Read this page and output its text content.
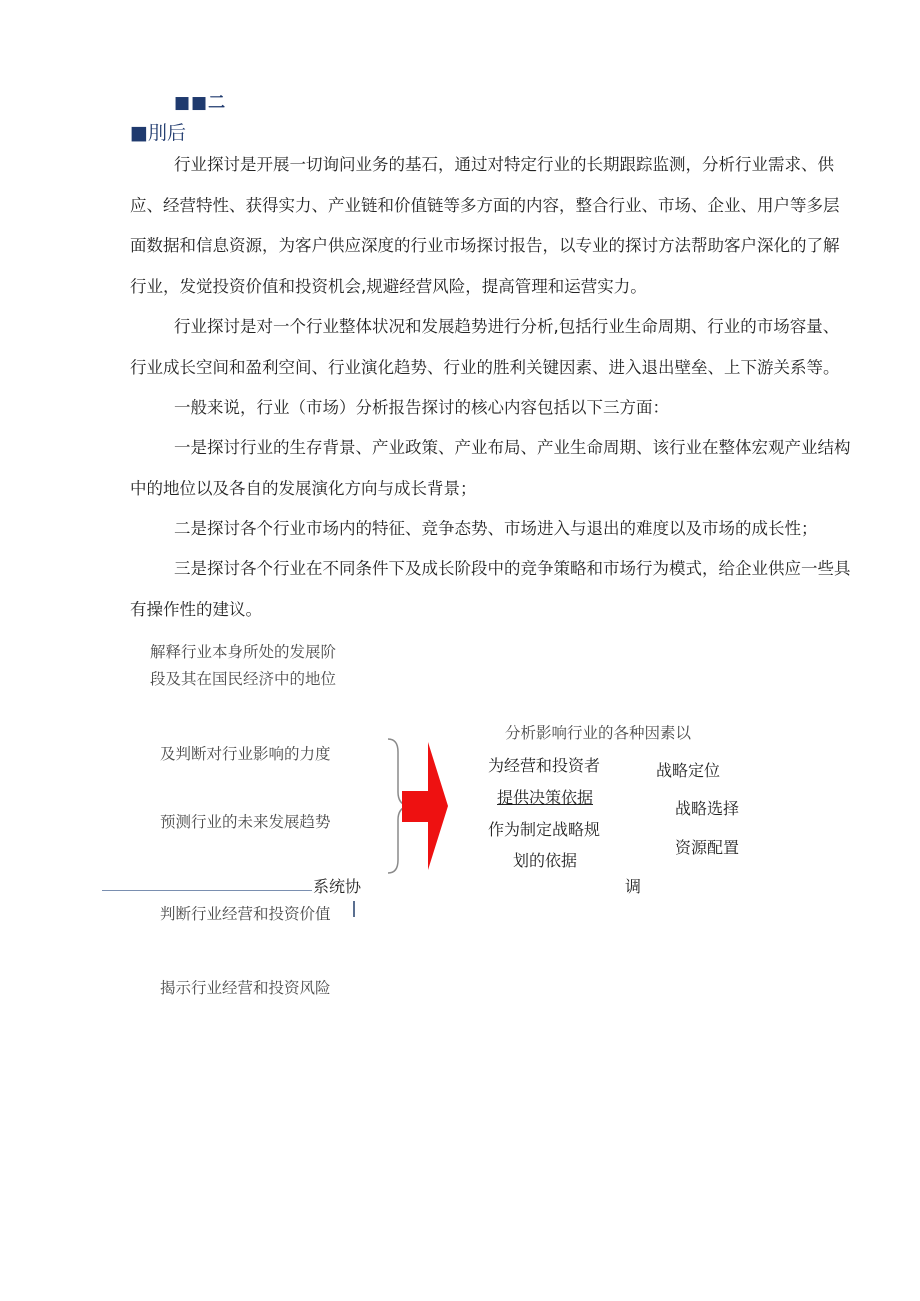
■■二
■刖后

行业探讨是开展一切询问业务的基石，通过对特定行业的长期跟踪监测，分析行业需求、供应、经营特性、获得实力、产业链和价值链等多方面的内容，整合行业、市场、企业、用户等多层面数据和信息资源，为客户供应深度的行业市场探讨报告，以专业的探讨方法帮助客户深化的了解行业，发觉投资价值和投资机会,规避经营风险，提高管理和运营实力。

行业探讨是对一个行业整体状况和发展趋势进行分析,包括行业生命周期、行业的市场容量、行业成长空间和盈利空间、行业演化趋势、行业的胜利关键因素、进入退出壁垒、上下游关系等。

一般来说，行业（市场）分析报告探讨的核心内容包括以下三方面：

一是探讨行业的生存背景、产业政策、产业布局、产业生命周期、该行业在整体宏观产业结构中的地位以及各自的发展演化方向与成长背景；

二是探讨各个行业市场内的特征、竞争态势、市场进入与退出的难度以及市场的成长性；

三是探讨各个行业在不同条件下及成长阶段中的竞争策略和市场行为模式，给企业供应一些具有操作性的建议。

解释行业本身所处的发展阶
段及其在国民经济中的地位
及判断对行业影响的力度
预测行业的未来发展趋势
判断行业经营和投资价值
揭示行业经营和投资风险
分析影响行业的各种因素以
为经营和投资者
提供决策依据
作为制定战略规
划的依据
战略定位
战略选择
资源配置
系统协	调
